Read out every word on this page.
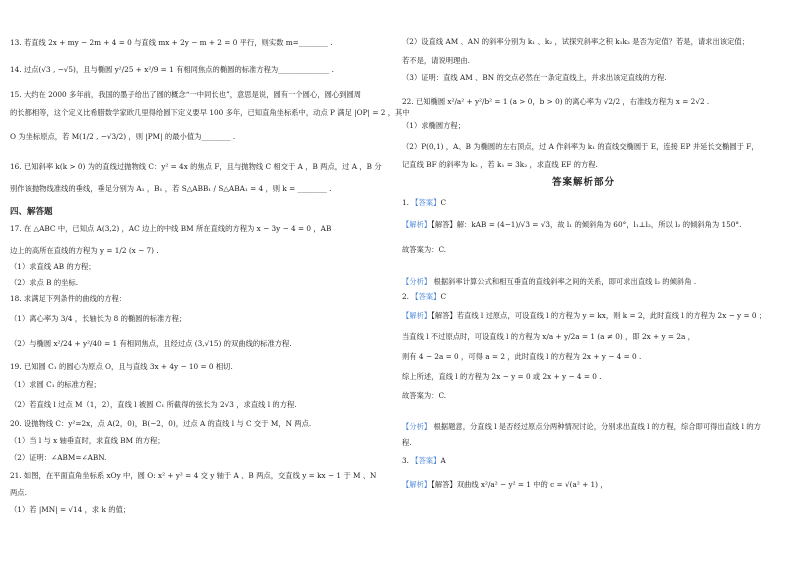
13. 若直线 2x + my − 2m + 4 = 0 与直线 mx + 2y − m + 2 = 0 平行，则实数 m=________ .
14. 过点(√3 , −√5)，且与椭圆 y²/25 + x²/9 = 1 有相同焦点的椭圆的标准方程为______________ .
15. 大约在 2000 多年前，我国的墨子给出了圆的概念“一中同长也”，意思是说，圆有一个圆心，圆心到圆周
的长都相等，这个定义比希腊数学家欧几里得给圆下定义要早 100 多年，已知直角坐标系中，动点 P 满足 |OP| = 2 ，其中
O 为坐标原点，若 M(1/2 , −√3/2) ，则 |PM| 的最小值为________ .
16. 已知斜率 k(k > 0) 为的直线过抛物线 C：y² = 4x 的焦点 F，且与抛物线 C 相交于 A ，B 两点，过 A ，B 分
别作该抛物线准线的垂线，垂足分别为 A₁ ，B₁ ，若 S△ABB₁ / S△ABA₁ = 4 ，则 k = ________ .
四、解答题
17. 在 △ABC 中，已知点 A(3,2) ，AC 边上的中线 BM 所在直线的方程为 x − 3y − 4 = 0 ，AB
边上的高所在直线的方程为 y = 1/2 (x − 7) .
（1）求直线 AB 的方程；
（2）求点 B 的坐标.
18. 求满足下列条件的曲线的方程：
（1）离心率为 3/4 ，长轴长为 8 的椭圆的标准方程；
（2）与椭圆 x²/24 + y²/40 = 1 有相同焦点，且经过点 (3,√15) 的双曲线的标准方程.
19. 已知圆 C₁ 的圆心为原点 O，且与直线 3x + 4y − 10 = 0 相切.
（1）求圆 C₁ 的标准方程；
（2）若直线 l 过点 M（1，2），直线 l 被圆 C₁ 所截得的弦长为 2√3 ，求直线 l 的方程.
20. 设抛物线 C：y²=2x，点 A(2，0)，B(−2，0)，过点 A 的直线 l 与 C 交于 M，N 两点.
（1）当 l 与 x 轴垂直时，求直线 BM 的方程；
（2）证明：∠ABM=∠ABN.
21. 如图，在平面直角坐标系 xOy 中，圆 O: x² + y² = 4 交 y 轴于 A 、B 两点，交直线 y = kx − 1 于 M 、N
两点.
（1）若 |MN| = √14 ，求 k 的值；
（2）设直线 AM 、AN 的斜率分别为 k₁ 、k₂ ，试探究斜率之积 k₁k₂ 是否为定值？若是，请求出该定值；
若不是，请说明理由.
（3）证明：直线 AM 、BN 的交点必然在一条定直线上，并求出该定直线的方程.
22. 已知椭圆 x²/a² + y²/b² = 1 (a > 0，b > 0) 的离心率为 √2/2 ，右准线方程为 x = 2√2 .
（1）求椭圆方程；
（2）P(0,1) ，A、B 为椭圆的左右顶点，过 A 作斜率为 k₁ 的直线交椭圆于 E，连接 EP 并延长交椭圆于 F，
记直线 BF 的斜率为 k₂ ，若 k₁ = 3k₂ ，求直线 EF 的方程.
答案解析部分
1. 【答案】C
【解析】【解答】解：kAB = (4−1)/√3 = √3，故 l₁ 的倾斜角为 60°，l₁⊥l₂，所以 l₂ 的倾斜角为 150°.
故答案为：C.
【分析】 根据斜率计算公式和相互垂直的直线斜率之间的关系，即可求出直线 l₂ 的倾斜角 .
2. 【答案】C
【解析】【解答】若直线 l 过原点，可设直线 l 的方程为 y = kx，则 k = 2，此时直线 l 的方程为 2x − y = 0 ；
当直线 l 不过原点时，可设直线 l 的方程为 x/a + y/2a = 1 (a ≠ 0) ，即 2x + y = 2a ，
则有 4 − 2a = 0 ，可得 a = 2 ，此时直线 l 的方程为 2x + y − 4 = 0 .
综上所述，直线 l 的方程为 2x − y = 0 或 2x + y − 4 = 0 .
故答案为：C.
【分析】 根据题意，分直线 l 是否经过原点分两种情况讨论，分别求出直线 l 的方程，综合即可得出直线 l 的方
程.
3. 【答案】A
【解析】【解答】双曲线 x²/a² − y² = 1 中的 c = √(a² + 1) ，
